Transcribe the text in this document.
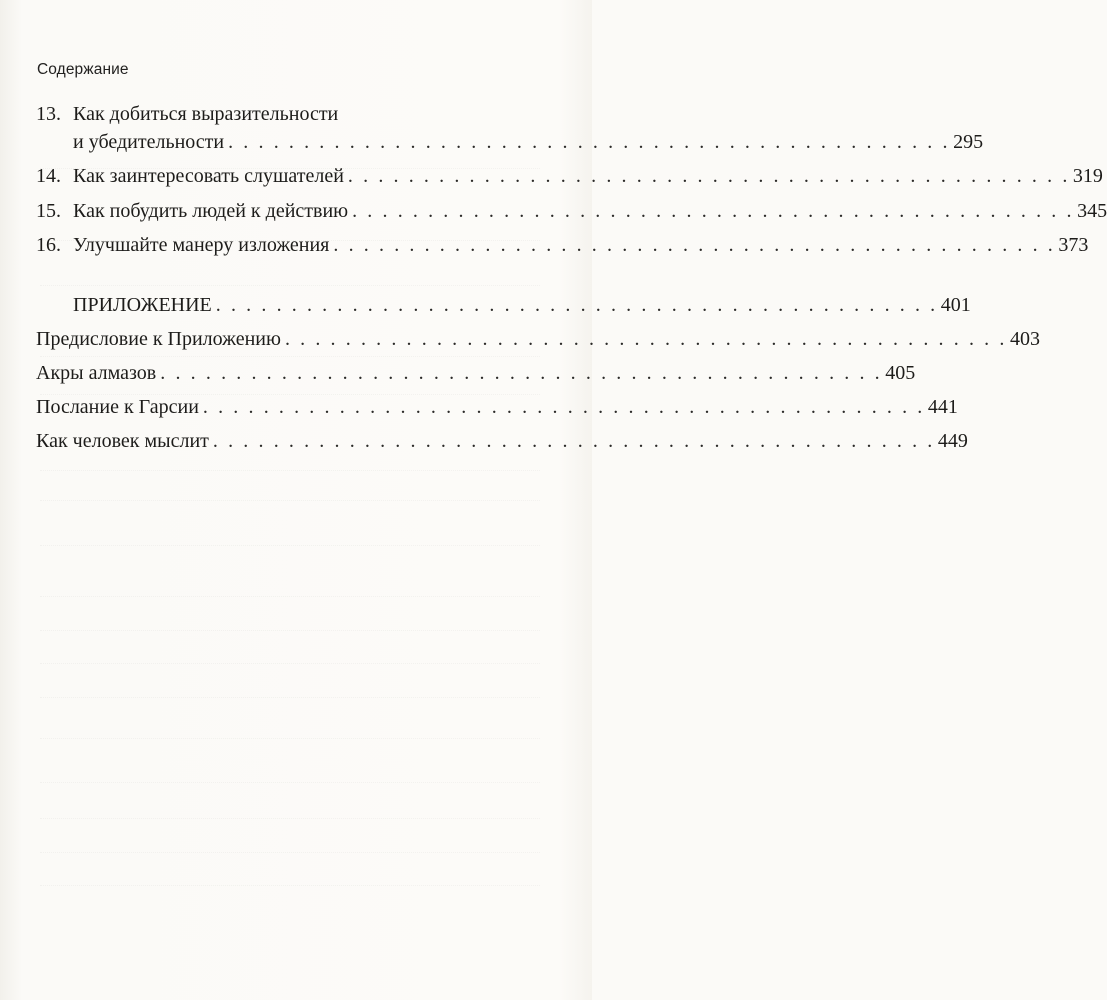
Содержание
13. Как добиться выразительности
и убедительности . . . . . . . . . . . . . . . . . . . . . . . . . . . . . . . . . . . . . . . . . . . . . . . . 295
14. Как заинтересовать слушателей . . . . . . . . . . . . . . . . . . . . . . . . . . . . . . . . . . . . . . . . . . . . . . . . 319
15. Как побудить людей к действию . . . . . . . . . . . . . . . . . . . . . . . . . . . . . . . . . . . . . . . . . . . . . . . . 345
16. Улучшайте манеру изложения . . . . . . . . . . . . . . . . . . . . . . . . . . . . . . . . . . . . . . . . . . . . . . . . 373
ПРИЛОЖЕНИЕ . . . . . . . . . . . . . . . . . . . . . . . . . . . . . . . . . . . . . . . . . . . . . . . . 401
Предисловие к Приложению . . . . . . . . . . . . . . . . . . . . . . . . . . . . . . . . . . . . . . . . . . . . . . . . 403
Акры алмазов . . . . . . . . . . . . . . . . . . . . . . . . . . . . . . . . . . . . . . . . . . . . . . . . 405
Послание к Гарсии . . . . . . . . . . . . . . . . . . . . . . . . . . . . . . . . . . . . . . . . . . . . . . . . 441
Как человек мыслит . . . . . . . . . . . . . . . . . . . . . . . . . . . . . . . . . . . . . . . . . . . . . . . . 449
